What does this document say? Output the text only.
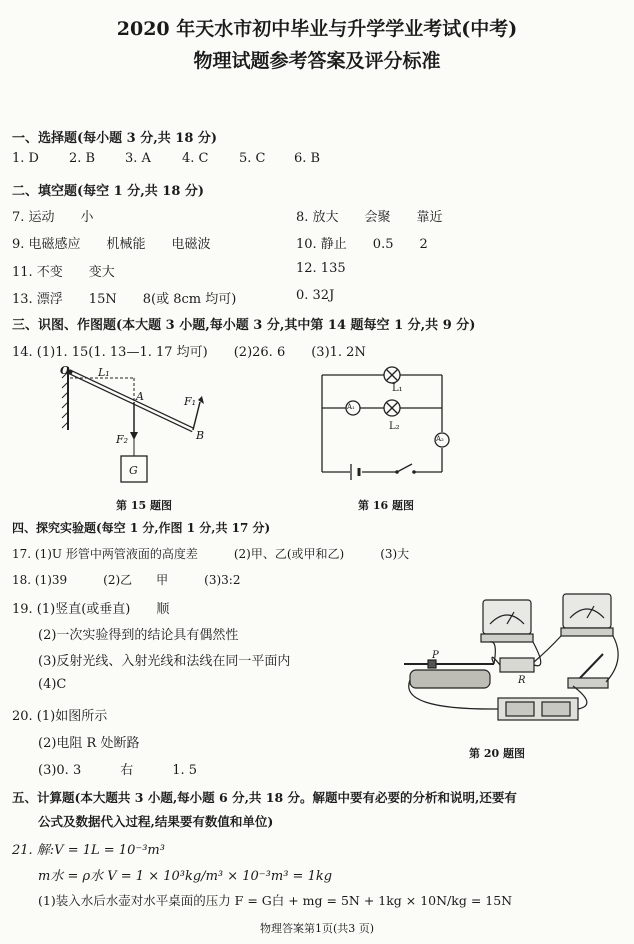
2020 年天水市初中毕业与升学学业考试(中考)
物理试题参考答案及评分标准
一、选择题(每小题 3 分,共 18 分)
1. D 2. B 3. A 4. C 5. C 6. B
二、填空题(每空 1 分,共 18 分)
7. 运动　　小	8. 放大　　会聚　　靠近
9. 电磁感应　　机械能　　电磁波	10. 静止　　0.5　　2
11. 不变　　变大	12. 135
13. 漂浮　　15N　　8(或 8cm 均可)	0. 32J
三、识图、作图题(本大题 3 小题,每小题 3 分,其中第 14 题每空 1 分,共 9 分)
14. (1)1. 15(1. 13—1. 17 均可)　　(2)26. 6　　(3)1. 2N
O	L₁
A
B
F₁
F₂
G
第 15 题图
L₁
L₂
A₁
A₂
第 16 题图
四、探究实验题(每空 1 分,作图 1 分,共 17 分)
17. (1)U 形管中两管液面的高度差　　　(2)甲、乙(或甲和乙)　　　(3)大
18. (1)39　　　(2)乙　　甲　　　(3)3:2
19. (1)竖直(或垂直)　　顺
(2)一次实验得到的结论具有偶然性
(3)反射光线、入射光线和法线在同一平面内
(4)C
20. (1)如图所示
(2)电阻 R 处断路
(3)0. 3　　　右　　　1. 5
P
R
第 20 题图
五、计算题(本大题共 3 小题,每小题 6 分,共 18 分。解题中要有必要的分析和说明,还要有
公式及数据代入过程,结果要有数值和单位)
21. 解:V = 1L = 10⁻³m³
m水 = ρ水 V = 1 × 10³kg/m³ × 10⁻³m³ = 1kg
(1)装入水后水壶对水平桌面的压力 F = G白 + mg = 5N + 1kg × 10N/kg = 15N
物理答案第1页(共3 页)
